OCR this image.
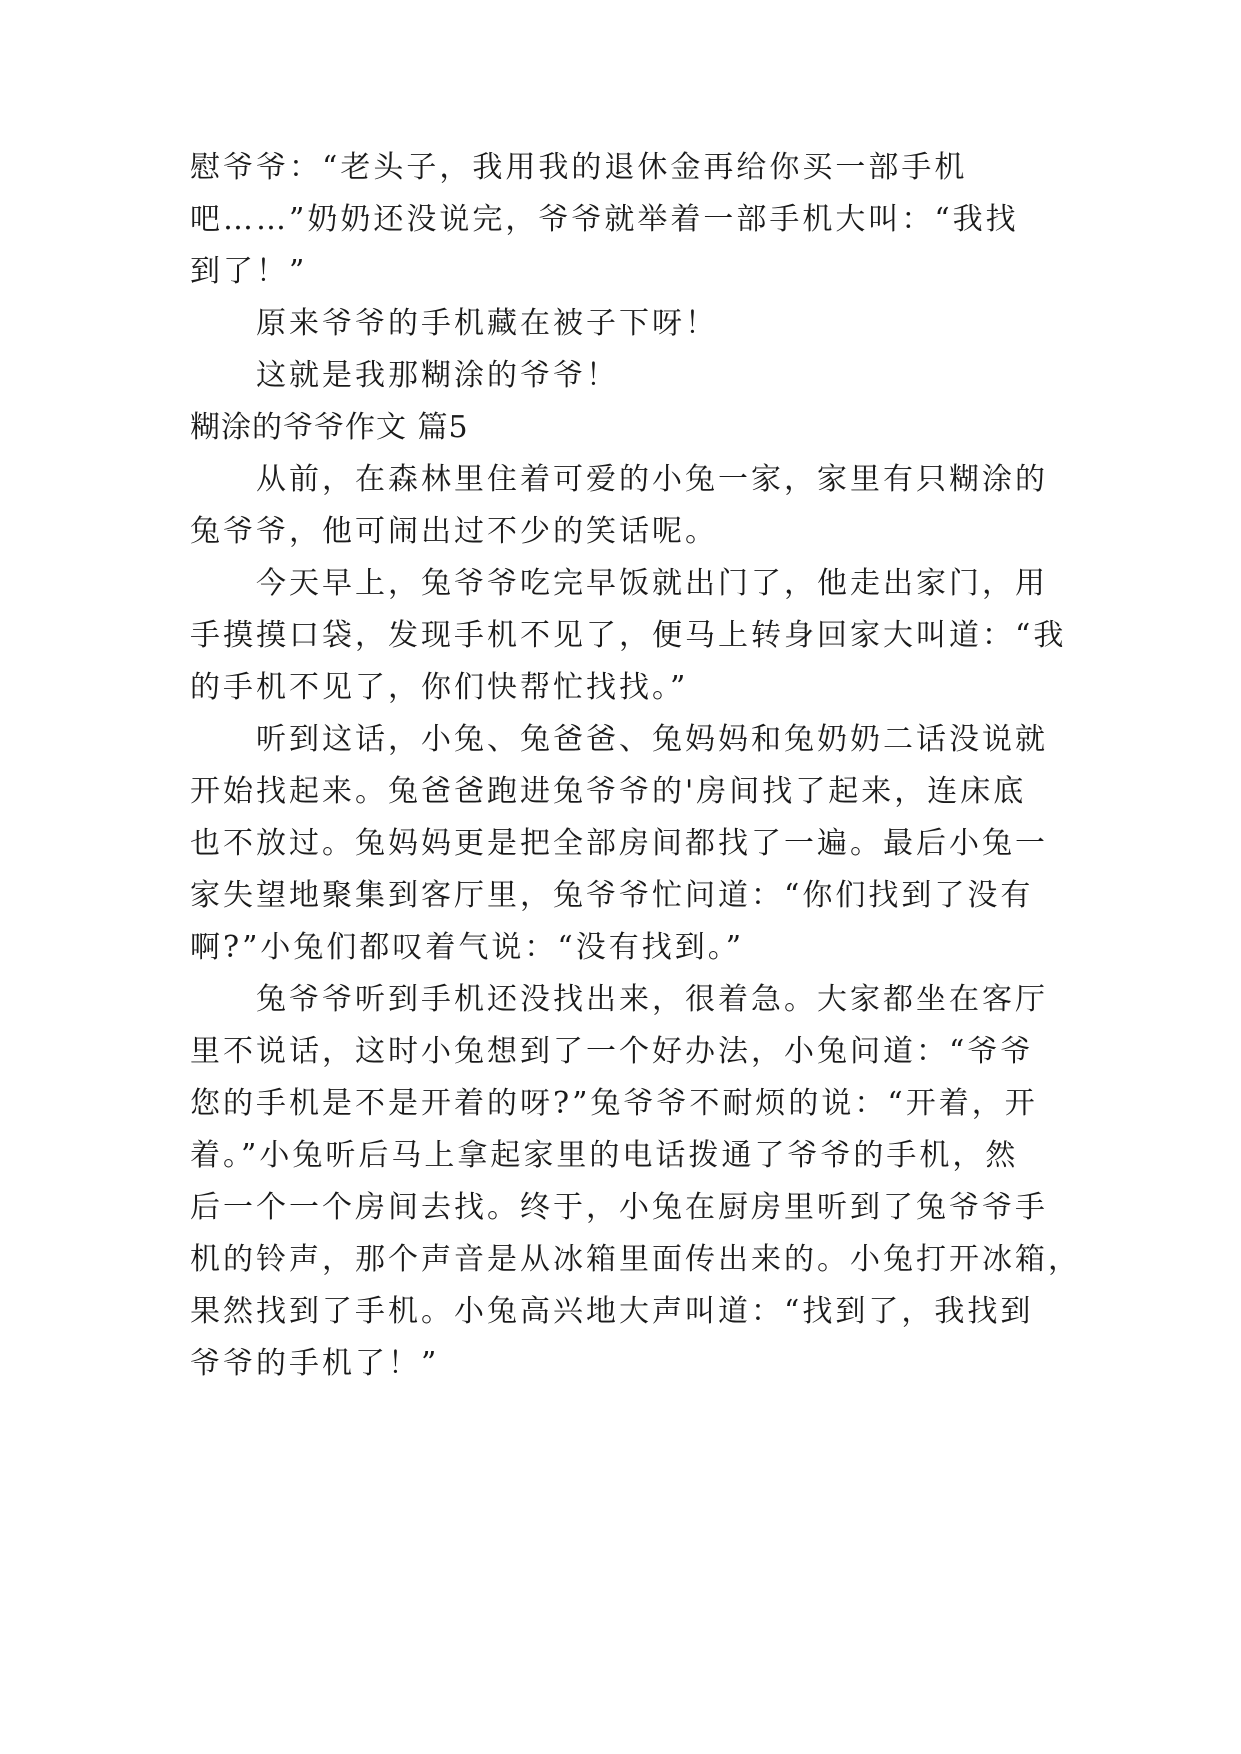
慰爷爷：“老头子，我用我的退休金再给你买一部手机
吧……”奶奶还没说完，爷爷就举着一部手机大叫：“我找
到了！”
原来爷爷的手机藏在被子下呀！
这就是我那糊涂的爷爷！
糊涂的爷爷作文 篇5
从前，在森林里住着可爱的小兔一家，家里有只糊涂的
兔爷爷，他可闹出过不少的笑话呢。
今天早上，兔爷爷吃完早饭就出门了，他走出家门，用
手摸摸口袋，发现手机不见了，便马上转身回家大叫道：“我
的手机不见了，你们快帮忙找找。”
听到这话，小兔、兔爸爸、兔妈妈和兔奶奶二话没说就
开始找起来。兔爸爸跑进兔爷爷的'房间找了起来，连床底
也不放过。兔妈妈更是把全部房间都找了一遍。最后小兔一
家失望地聚集到客厅里，兔爷爷忙问道：“你们找到了没有
啊?”小兔们都叹着气说：“没有找到。”
兔爷爷听到手机还没找出来，很着急。大家都坐在客厅
里不说话，这时小兔想到了一个好办法，小兔问道：“爷爷
您的手机是不是开着的呀?”兔爷爷不耐烦的说：“开着，开
着。”小兔听后马上拿起家里的电话拨通了爷爷的手机，然
后一个一个房间去找。终于，小兔在厨房里听到了兔爷爷手
机的铃声，那个声音是从冰箱里面传出来的。小兔打开冰箱，
果然找到了手机。小兔高兴地大声叫道：“找到了，我找到
爷爷的手机了！”
